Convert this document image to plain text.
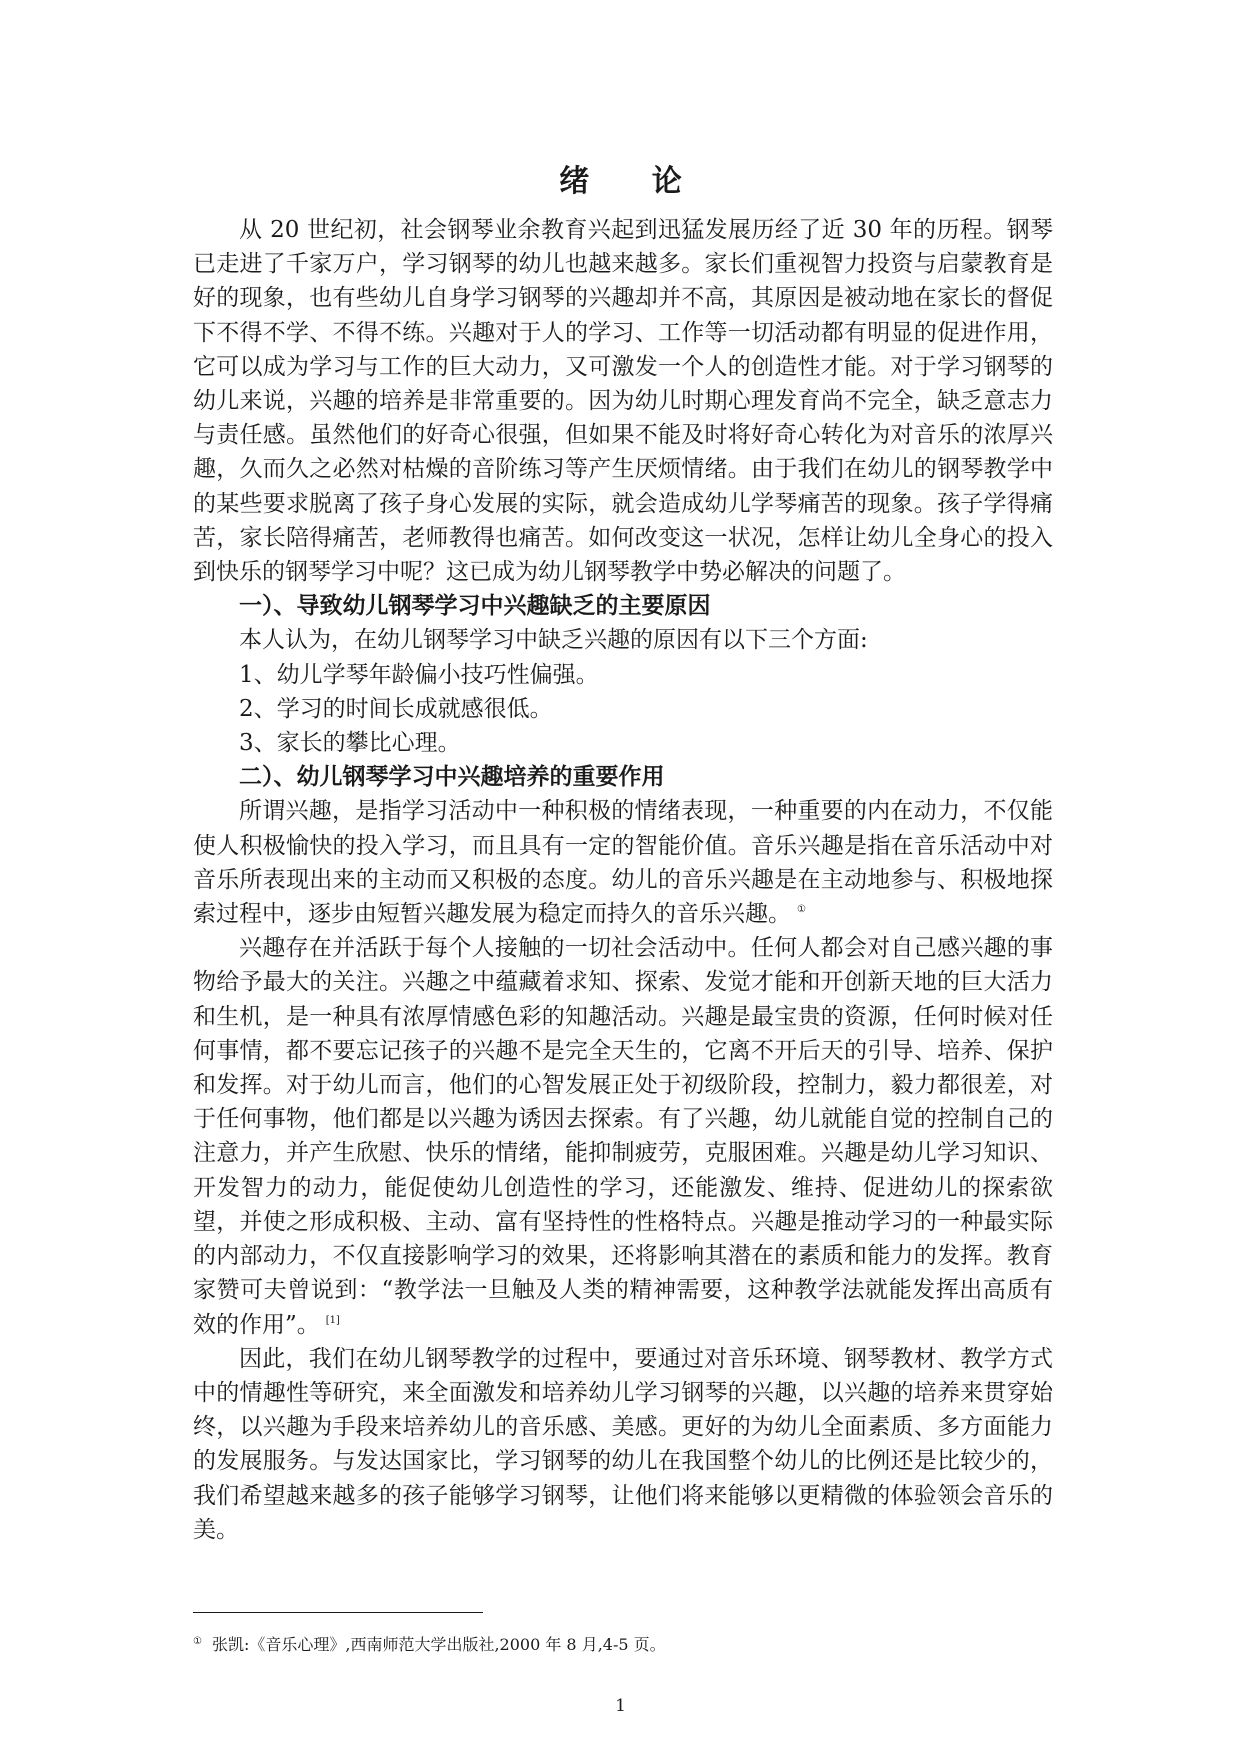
绪 论

从 20 世纪初，社会钢琴业余教育兴起到迅猛发展历经了近 30 年的历程。钢琴已走进了千家万户，学习钢琴的幼儿也越来越多。家长们重视智力投资与启蒙教育是好的现象，也有些幼儿自身学习钢琴的兴趣却并不高，其原因是被动地在家长的督促下不得不学、不得不练。兴趣对于人的学习、工作等一切活动都有明显的促进作用，它可以成为学习与工作的巨大动力，又可激发一个人的创造性才能。对于学习钢琴的幼儿来说，兴趣的培养是非常重要的。因为幼儿时期心理发育尚不完全，缺乏意志力与责任感。虽然他们的好奇心很强，但如果不能及时将好奇心转化为对音乐的浓厚兴趣，久而久之必然对枯燥的音阶练习等产生厌烦情绪。由于我们在幼儿的钢琴教学中的某些要求脱离了孩子身心发展的实际，就会造成幼儿学琴痛苦的现象。孩子学得痛苦，家长陪得痛苦，老师教得也痛苦。如何改变这一状况，怎样让幼儿全身心的投入到快乐的钢琴学习中呢？这已成为幼儿钢琴教学中势必解决的问题了。

一）、导致幼儿钢琴学习中兴趣缺乏的主要原因

本人认为，在幼儿钢琴学习中缺乏兴趣的原因有以下三个方面:

1、幼儿学琴年龄偏小技巧性偏强。

2、学习的时间长成就感很低。

3、家长的攀比心理。

二）、幼儿钢琴学习中兴趣培养的重要作用

所谓兴趣，是指学习活动中一种积极的情绪表现，一种重要的内在动力，不仅能使人积极愉快的投入学习，而且具有一定的智能价值。音乐兴趣是指在音乐活动中对音乐所表现出来的主动而又积极的态度。幼儿的音乐兴趣是在主动地参与、积极地探索过程中，逐步由短暂兴趣发展为稳定而持久的音乐兴趣。 ①

兴趣存在并活跃于每个人接触的一切社会活动中。任何人都会对自己感兴趣的事物给予最大的关注。兴趣之中蕴藏着求知、探索、发觉才能和开创新天地的巨大活力和生机，是一种具有浓厚情感色彩的知趣活动。兴趣是最宝贵的资源，任何时候对任何事情，都不要忘记孩子的兴趣不是完全天生的，它离不开后天的引导、培养、保护和发挥。对于幼儿而言，他们的心智发展正处于初级阶段，控制力，毅力都很差，对于任何事物，他们都是以兴趣为诱因去探索。有了兴趣，幼儿就能自觉的控制自己的注意力，并产生欣慰、快乐的情绪，能抑制疲劳，克服困难。兴趣是幼儿学习知识、开发智力的动力，能促使幼儿创造性的学习，还能激发、维持、促进幼儿的探索欲望，并使之形成积极、主动、富有坚持性的性格特点。兴趣是推动学习的一种最实际的内部动力，不仅直接影响学习的效果，还将影响其潜在的素质和能力的发挥。教育家赞可夫曾说到：“教学法一旦触及人类的精神需要，这种教学法就能发挥出高质有效的作用”。 [1]

因此，我们在幼儿钢琴教学的过程中，要通过对音乐环境、钢琴教材、教学方式中的情趣性等研究，来全面激发和培养幼儿学习钢琴的兴趣，以兴趣的培养来贯穿始终，以兴趣为手段来培养幼儿的音乐感、美感。更好的为幼儿全面素质、多方面能力的发展服务。与发达国家比，学习钢琴的幼儿在我国整个幼儿的比例还是比较少的，我们希望越来越多的孩子能够学习钢琴，让他们将来能够以更精微的体验领会音乐的美。

① 张凯:《音乐心理》,西南师范大学出版社,2000 年 8 月,4-5 页。
1
